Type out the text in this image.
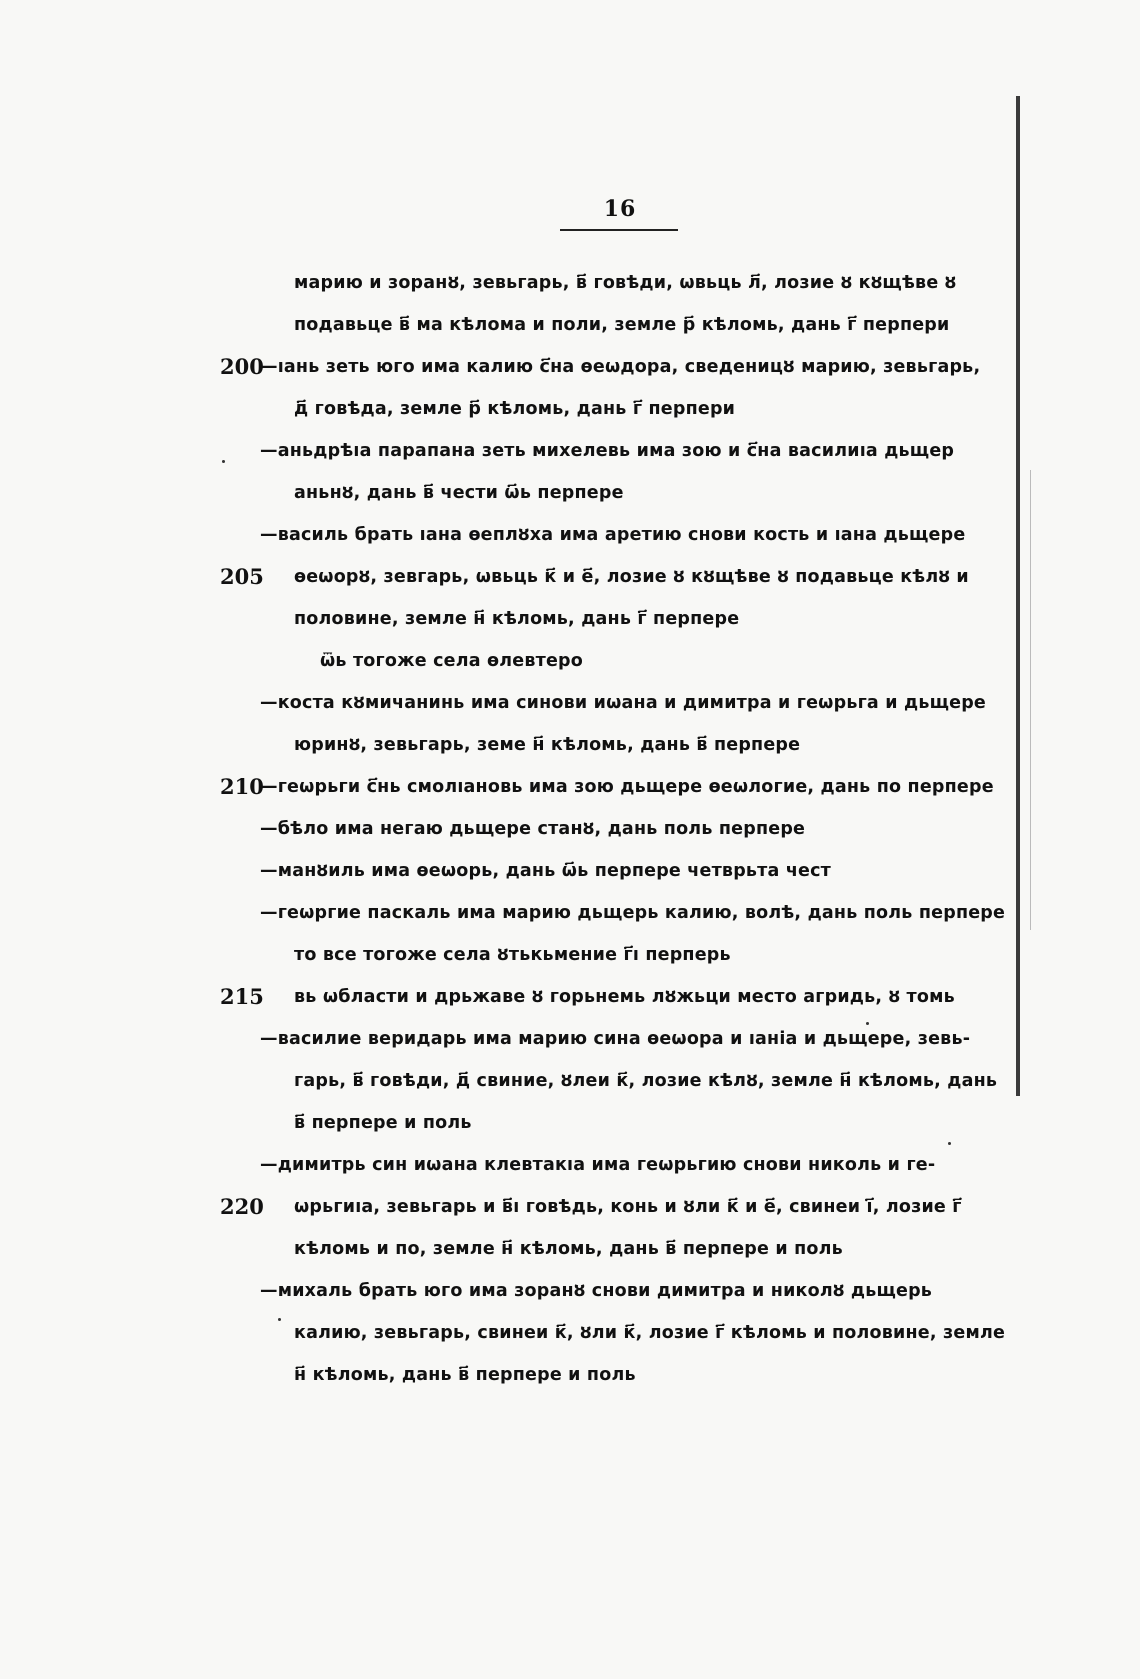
16
марию и зоранȣ, зевьгарь, в҃ говѣди, ѡвьць л҃, лозие ȣ кȣщѣве ȣ
подавьце в҃ ма кѣлома и поли, земле р҃ кѣломь, дань г҃ перпери
200
—ıань зеть юго има калию с҃на ѳеѡдора, сведеницȣ марию, зевьгарь,
д҃ говѣда, земле р҃ кѣломь, дань г҃ перпери
—аньдрѣıа парапана зеть михелевь има зою и с҃на василиıа дьщер
аньнȣ, дань в҃ чести ѡ҃ь перпере
—василь брать ıана ѳеплȣха има аретию снови кость и ıана дьщере
205	ѳеѡорȣ, зевгарь, ѡвьць к҃ и е҃, лозие ȣ кȣщѣве ȣ подавьце кѣлȣ и
половине, земле н҃ кѣломь, дань г҃ перпере
ѿь тогоже села ѳлевтеро
—коста кȣмичанинь има синови иѡана и димитра и геѡрьга и дьщере
юринȣ, зевьгарь, земе н҃ кѣломь, дань в҃ перпере
210
—геѡрьги с҃нь смолıановь има зою дьщере ѳеѡлогие, дань по перпере
—бѣло има негаю дьщере станȣ, дань поль перпере
—манȣиль има ѳеѡорь, дань ѡ҃ь перпере четврьта чест
—геѡргие паскаль има марию дьщерь калию, волѣ, дань поль перпере
то все тогоже села ȣтькьмение г҃ı перперь
215	вь ѡбласти и дрьжаве ȣ горьнемь лȣжьци место агридь, ȣ томь
—василие веридарь има марию сина ѳеѡора и ıаніа и дьщере, зевь-
гарь, в҃ говѣди, д҃ свиние, ȣлеи к҃, лозие кѣлȣ, земле н҃ кѣломь, дань
в҃ перпере и поль
—димитрь син иѡана клевтакıа има геѡрьгию снови николь и ге-
220	ѡрьгиıа, зевьгарь и в҃ı говѣдь, конь и ȣли к҃ и е҃, свинеи і҃, лозие г҃
кѣломь и по, земле н҃ кѣломь, дань в҃ перпере и поль
—михаль брать юго има зоранȣ снови димитра и николȣ дьщерь
калию, зевьгарь, свинеи к҃, ȣли к҃, лозие г҃ кѣломь и половине, земле
н҃ кѣломь, дань в҃ перпере и поль
